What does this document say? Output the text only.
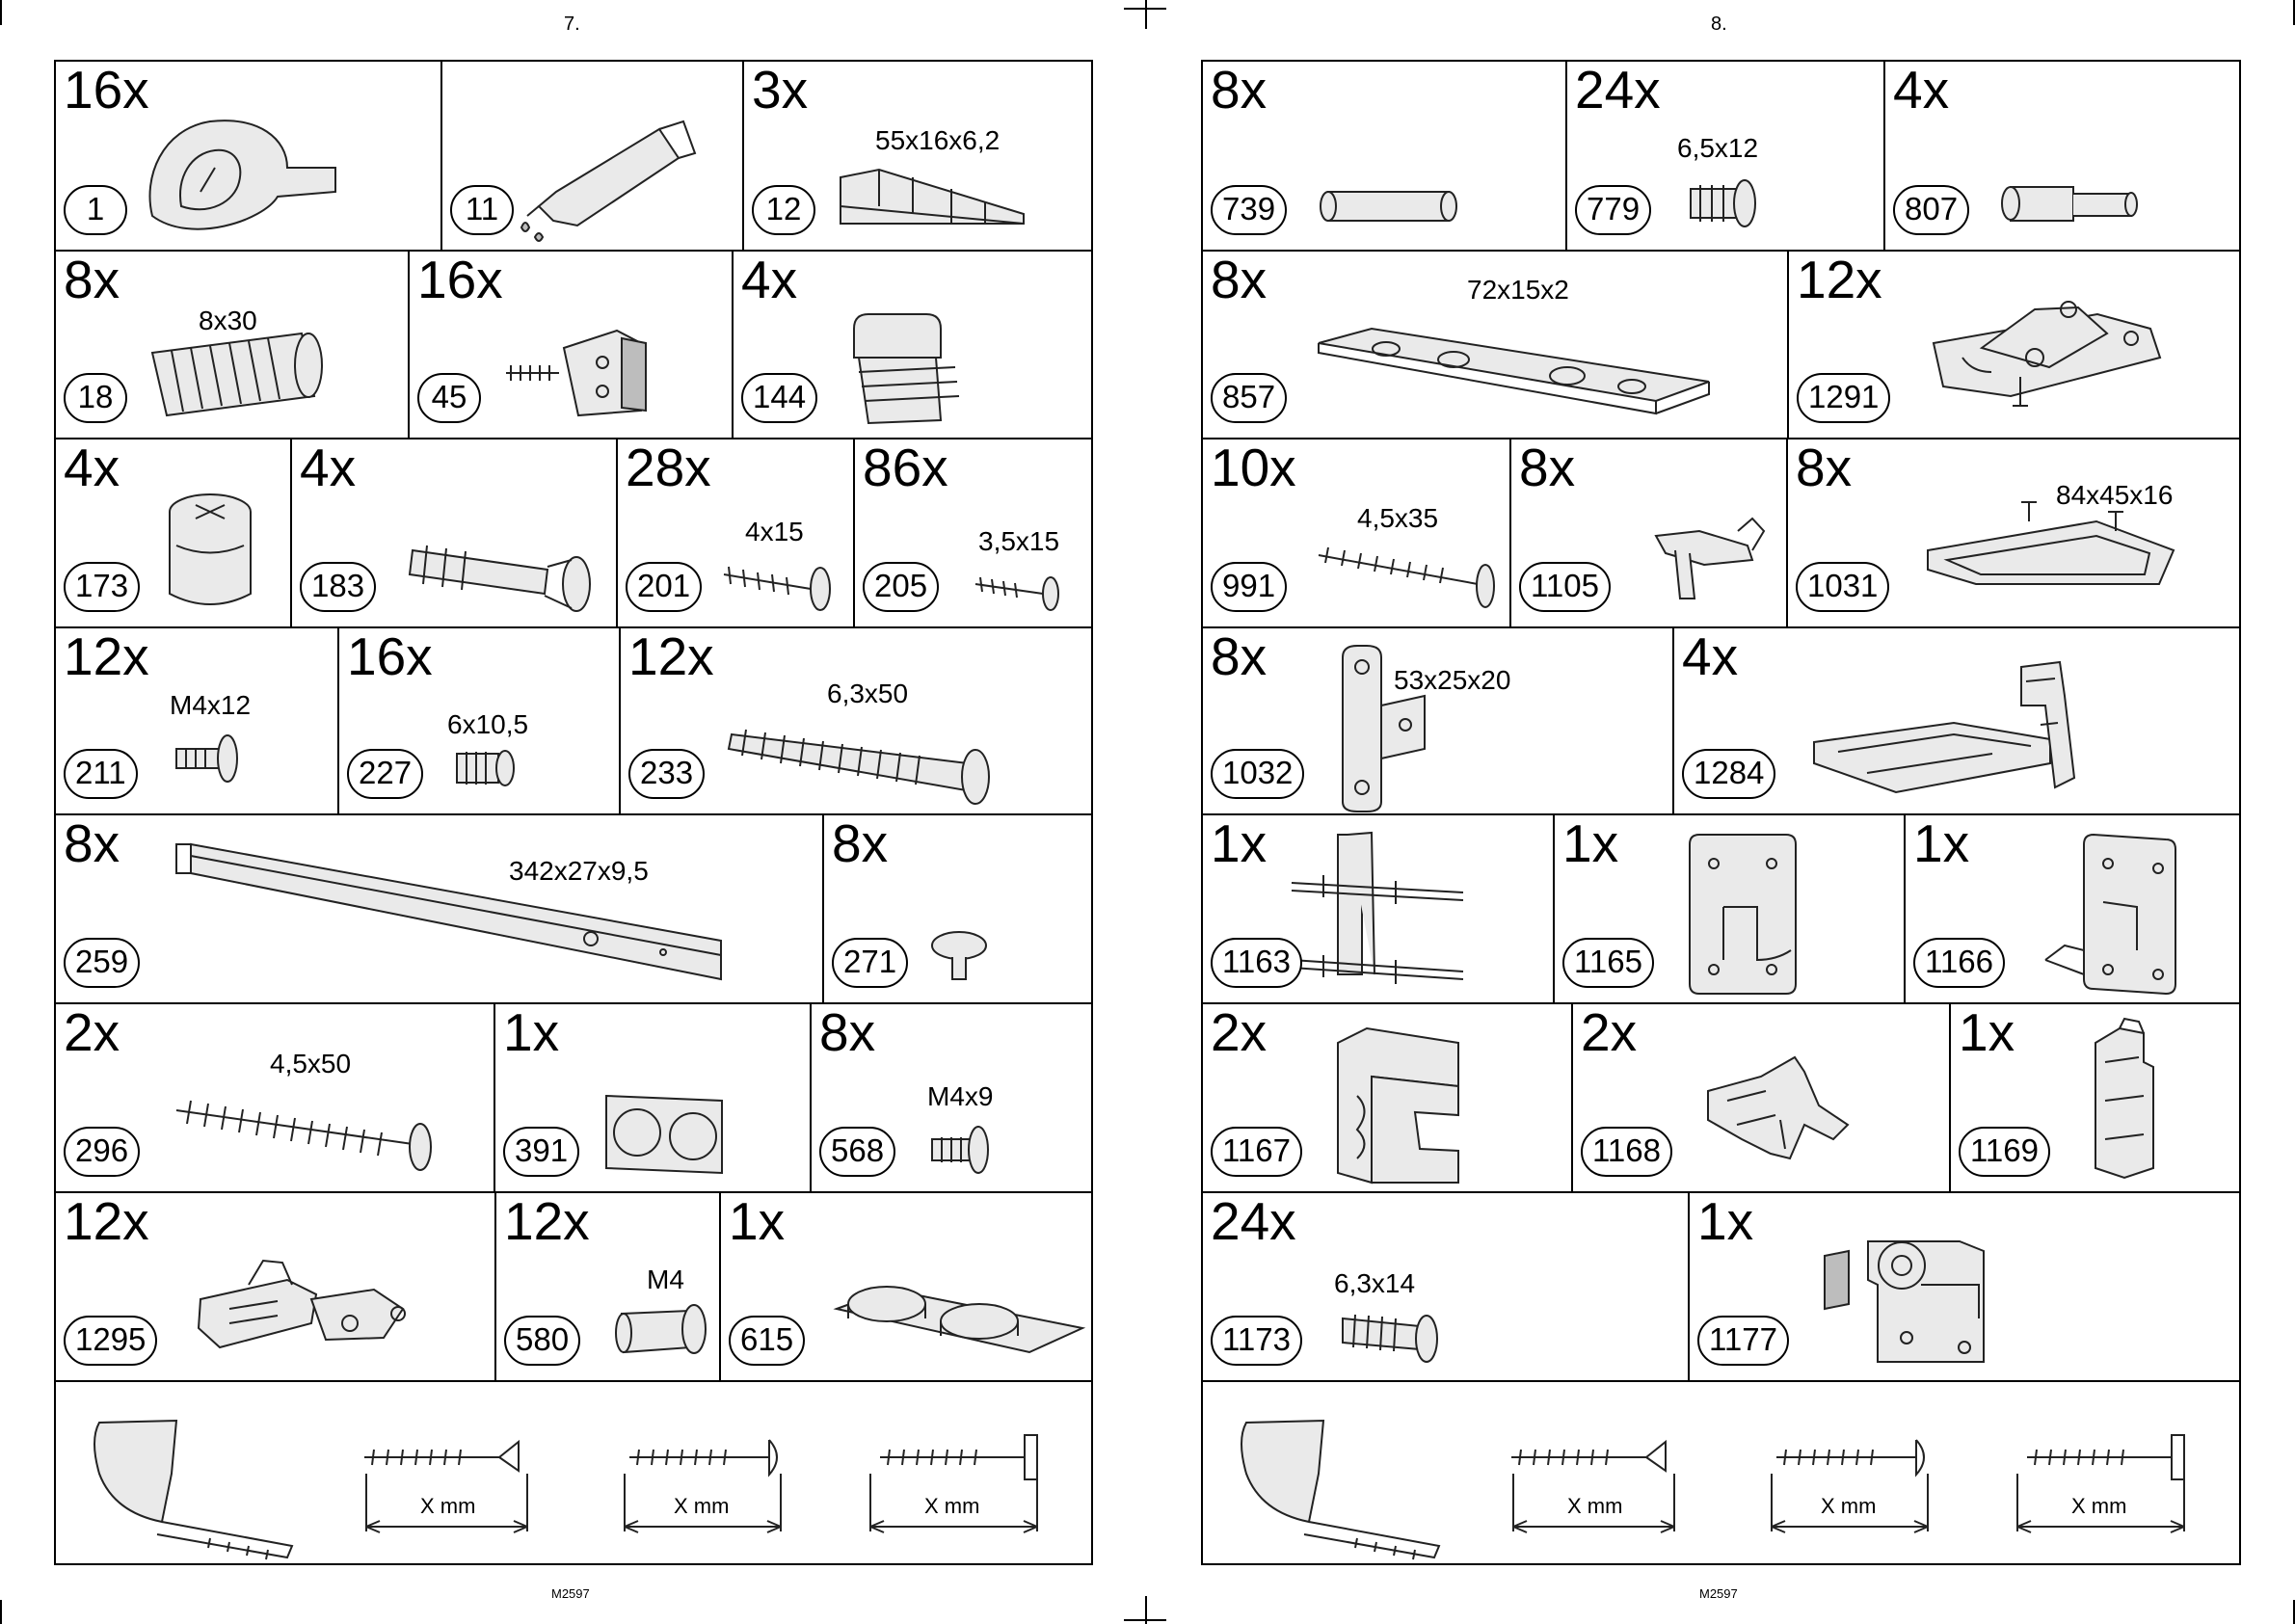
7.
M2597
16x
1	11
3x
55x16x6,2
12
8x
8x30
18
16x
45
4x
144
4x
173
4x
183
28x
4x15
201
86x
3,5x15
205
12x
M4x12
211
16x
6x10,5
227
12x
6,3x50
233
8x	342x27x9,5
259
8x
271
2x
4,5x50
296
1x
391
8x
M4x9
568
12x
1295
12x
M4
580
1x
615
X mm	X mm	X mm
8.
M2597
8x
739
24x
6,5x12
779
4x
807
8x	72x15x2
857
12x
1291
10x
4,5x35
991
8x
1105
8x	84x45x16
1031
8x	53x25x20
1032
4x
1284
1x
1163
1x
1165
1x
1166
2x
1167
2x
1168
1x
1169
24x
6,3x14
1173
1x
1177
X mm	X mm	X mm
